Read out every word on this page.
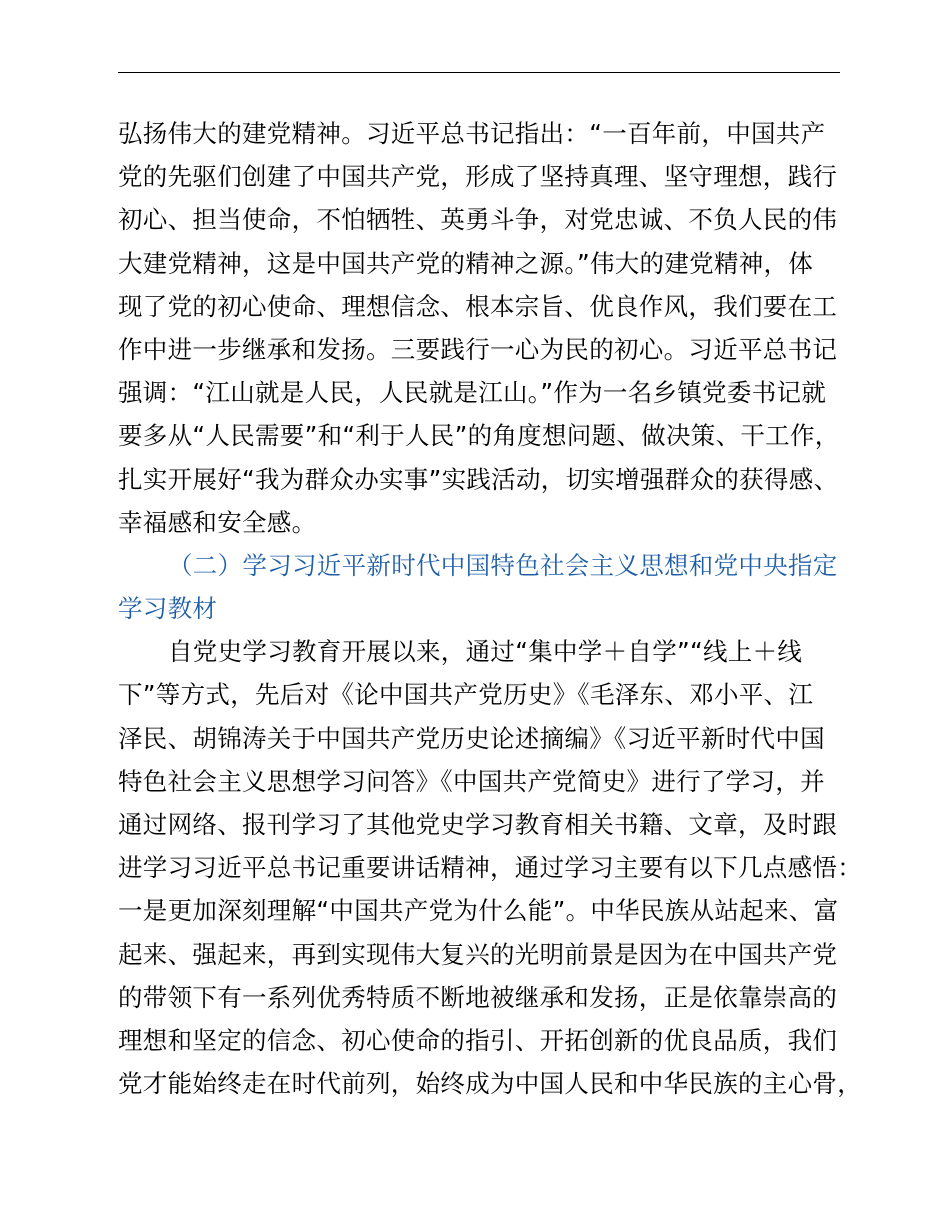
弘扬伟大的建党精神。习近平总书记指出：“一百年前，中国共产
党的先驱们创建了中国共产党，形成了坚持真理、坚守理想，践行
初心、担当使命，不怕牺牲、英勇斗争，对党忠诚、不负人民的伟
大建党精神，这是中国共产党的精神之源。”伟大的建党精神，体
现了党的初心使命、理想信念、根本宗旨、优良作风，我们要在工
作中进一步继承和发扬。三要践行一心为民的初心。习近平总书记
强调：“江山就是人民，人民就是江山。”作为一名乡镇党委书记就
要多从“人民需要”和“利于人民”的角度想问题、做决策、干工作，
扎实开展好“我为群众办实事”实践活动，切实增强群众的获得感、
幸福感和安全感。
（二）学习习近平新时代中国特色社会主义思想和党中央指定
学习教材
自党史学习教育开展以来，通过“集中学＋自学”“线上＋线
下”等方式，先后对《论中国共产党历史》《毛泽东、邓小平、江
泽民、胡锦涛关于中国共产党历史论述摘编》《习近平新时代中国
特色社会主义思想学习问答》《中国共产党简史》进行了学习，并
通过网络、报刊学习了其他党史学习教育相关书籍、文章，及时跟
进学习习近平总书记重要讲话精神，通过学习主要有以下几点感悟：
一是更加深刻理解“中国共产党为什么能”。中华民族从站起来、富
起来、强起来，再到实现伟大复兴的光明前景是因为在中国共产党
的带领下有一系列优秀特质不断地被继承和发扬，正是依靠崇高的
理想和坚定的信念、初心使命的指引、开拓创新的优良品质，我们
党才能始终走在时代前列，始终成为中国人民和中华民族的主心骨，
